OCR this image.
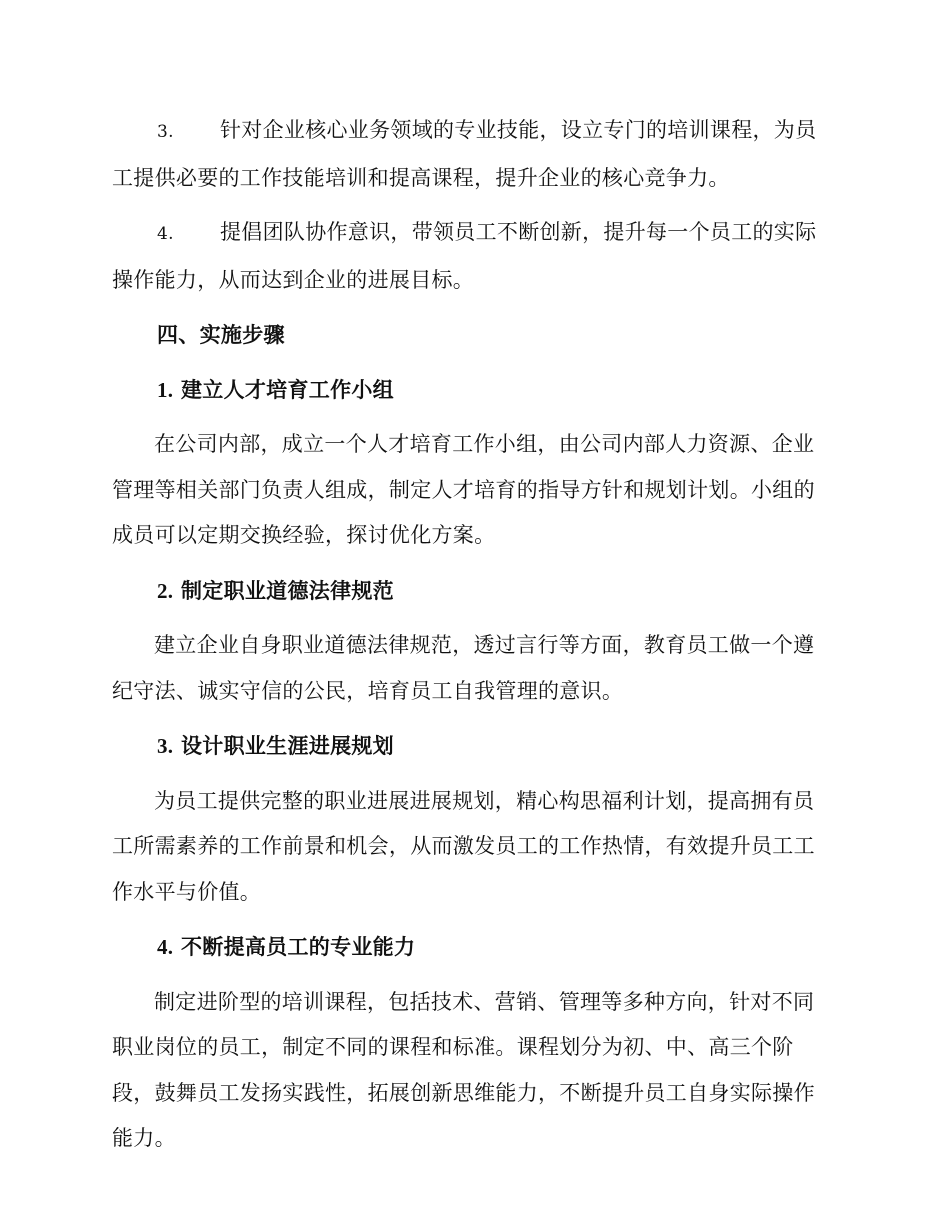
3. 针对企业核心业务领域的专业技能，设立专门的培训课程，为员工提供必要的工作技能培训和提高课程，提升企业的核心竞争力。

4. 提倡团队协作意识，带领员工不断创新，提升每一个员工的实际操作能力，从而达到企业的进展目标。

四、实施步骤

1. 建立人才培育工作小组

在公司内部，成立一个人才培育工作小组，由公司内部人力资源、企业管理等相关部门负责人组成，制定人才培育的指导方针和规划计划。小组的成员可以定期交换经验，探讨优化方案。

2. 制定职业道德法律规范

建立企业自身职业道德法律规范，透过言行等方面，教育员工做一个遵纪守法、诚实守信的公民，培育员工自我管理的意识。

3. 设计职业生涯进展规划

为员工提供完整的职业进展进展规划，精心构思福利计划，提高拥有员工所需素养的工作前景和机会，从而激发员工的工作热情，有效提升员工工作水平与价值。

4. 不断提高员工的专业能力

制定进阶型的培训课程，包括技术、营销、管理等多种方向，针对不同职业岗位的员工，制定不同的课程和标准。课程划分为初、中、高三个阶段，鼓舞员工发扬实践性，拓展创新思维能力，不断提升员工自身实际操作能力。
